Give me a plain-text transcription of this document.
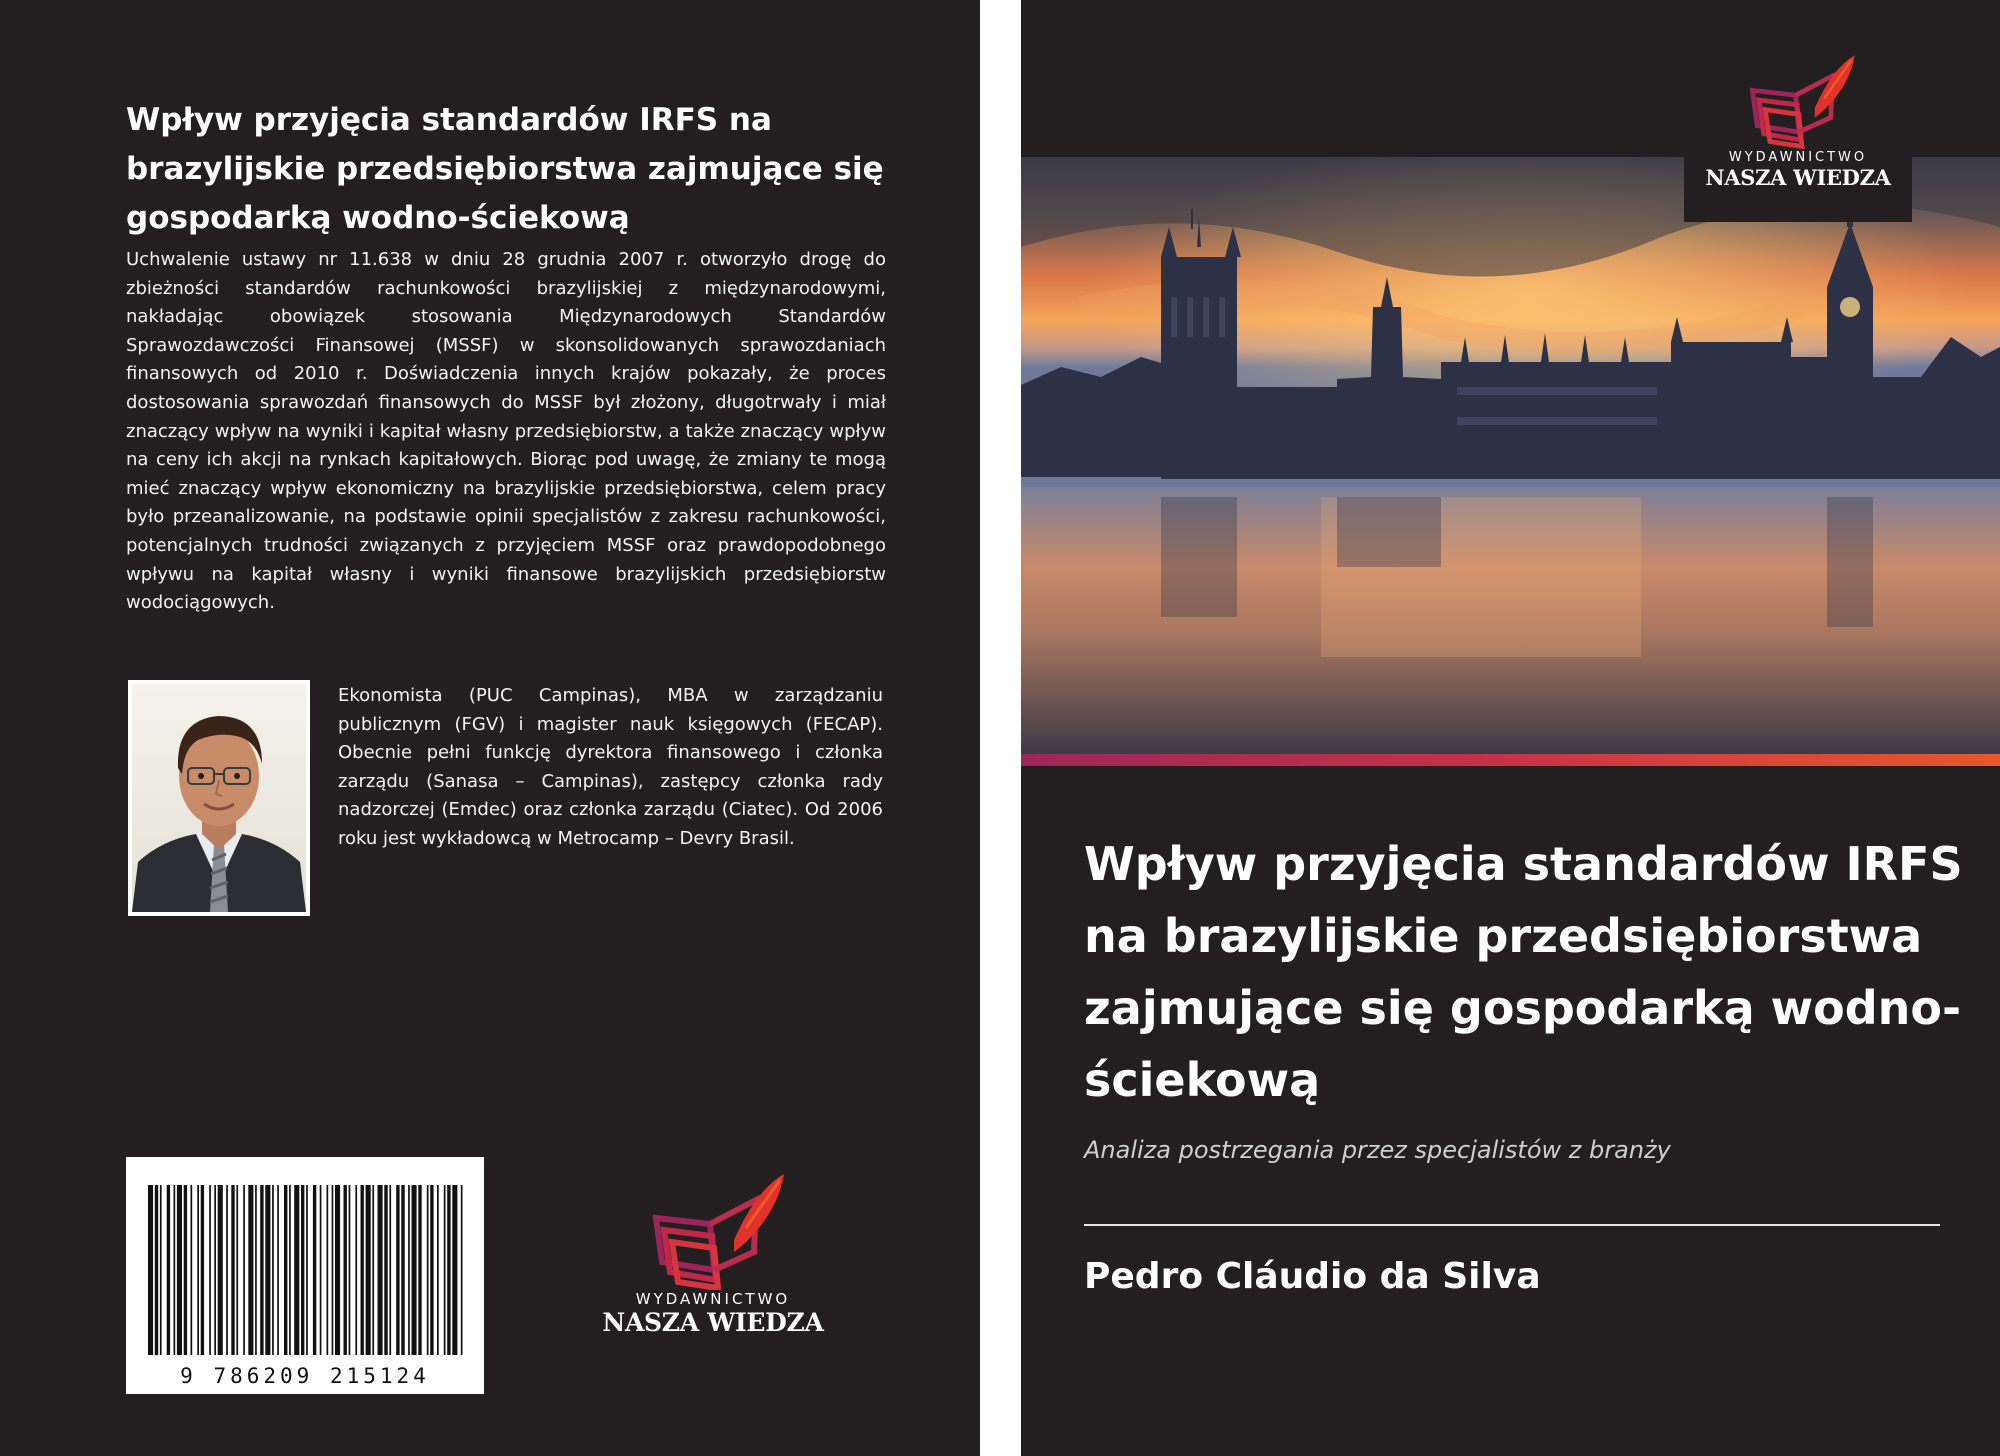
Wpływ przyjęcia standardów IRFS na brazylijskie przedsiębiorstwa zajmujące się gospodarką wodno-ściekową

Uchwalenie ustawy nr 11.638 w dniu 28 grudnia 2007 r. otworzyło drogę do zbieżności standardów rachunkowości brazylijskiej z międzynarodowymi, nakładając obowiązek stosowania Międzynarodowych Standardów Sprawozdawczości Finansowej (MSSF) w skonsolidowanych sprawozdaniach finansowych od 2010 r. Doświadczenia innych krajów pokazały, że proces dostosowania sprawozdań finansowych do MSSF był złożony, długotrwały i miał znaczący wpływ na wyniki i kapitał własny przedsiębiorstw, a także znaczący wpływ na ceny ich akcji na rynkach kapitałowych. Biorąc pod uwagę, że zmiany te mogą mieć znaczący wpływ ekonomiczny na brazylijskie przedsiębiorstwa, celem pracy było przeanalizowanie, na podstawie opinii specjalistów z zakresu rachunkowości, potencjalnych trudności związanych z przyjęciem MSSF oraz prawdopodobnego wpływu na kapitał własny i wyniki finansowe brazylijskich przedsiębiorstw wodociągowych.

Ekonomista (PUC Campinas), MBA w zarządzaniu publicznym (FGV) i magister nauk księgowych (FECAP). Obecnie pełni funkcję dyrektora finansowego i członka zarządu (Sanasa – Campinas), zastępcy członka rady nadzorczej (Emdec) oraz członka zarządu (Ciatec). Od 2006 roku jest wykładowcą w Metrocamp – Devry Brasil.

9 786209 215124
WYDAWNICTWO
NASZA WIEDZA
WYDAWNICTWO
NASZA WIEDZA
Wpływ przyjęcia standardów IRFS na brazylijskie przedsiębiorstwa zajmujące się gospodarką wodno-ściekową

Analiza postrzegania przez specjalistów z branży

Pedro Cláudio da Silva
